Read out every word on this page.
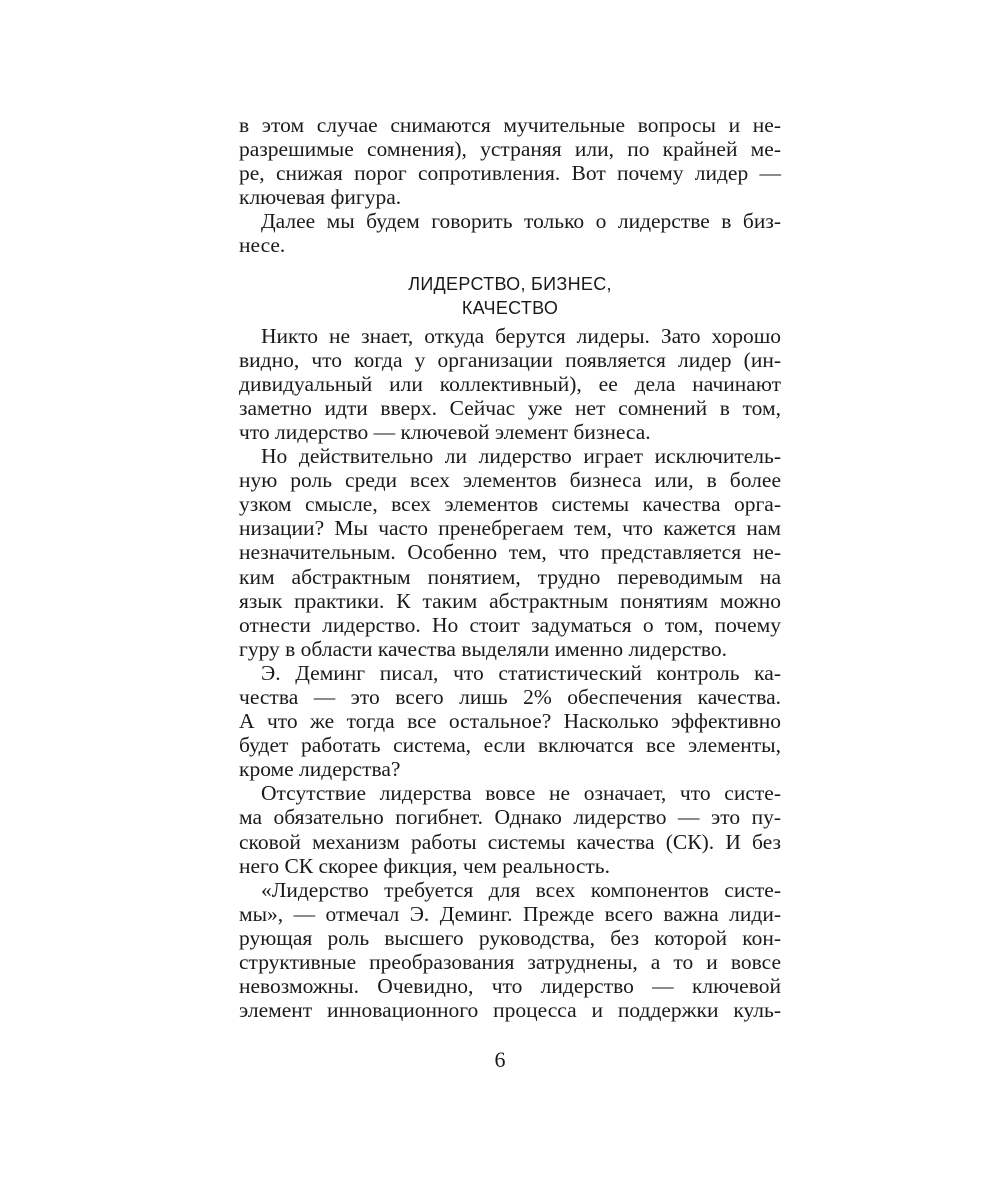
в этом случае снимаются мучительные вопросы и не-
разрешимые сомнения), устраняя или, по крайней ме-
ре, снижая порог сопротивления. Вот почему лидер —
ключевая фигура.
Далее мы будем говорить только о лидерстве в биз-
несе.
ЛИДЕРСТВО, БИЗНЕС,
КАЧЕСТВО
Никто не знает, откуда берутся лидеры. Зато хорошо
видно, что когда у организации появляется лидер (ин-
дивидуальный или коллективный), ее дела начинают
заметно идти вверх. Сейчас уже нет сомнений в том,
что лидерство — ключевой элемент бизнеса.
Но действительно ли лидерство играет исключитель-
ную роль среди всех элементов бизнеса или, в более
узком смысле, всех элементов системы качества орга-
низации? Мы часто пренебрегаем тем, что кажется нам
незначительным. Особенно тем, что представляется не-
ким абстрактным понятием, трудно переводимым на
язык практики. К таким абстрактным понятиям можно
отнести лидерство. Но стоит задуматься о том, почему
гуру в области качества выделяли именно лидерство.
Э. Деминг писал, что статистический контроль ка-
чества — это всего лишь 2% обеспечения качества.
А что же тогда все остальное? Насколько эффективно
будет работать система, если включатся все элементы,
кроме лидерства?
Отсутствие лидерства вовсе не означает, что систе-
ма обязательно погибнет. Однако лидерство — это пу-
сковой механизм работы системы качества (СК). И без
него СК скорее фикция, чем реальность.
«Лидерство требуется для всех компонентов систе-
мы», — отмечал Э. Деминг. Прежде всего важна лиди-
рующая роль высшего руководства, без которой кон-
структивные преобразования затруднены, а то и вовсе
невозможны. Очевидно, что лидерство — ключевой
элемент инновационного процесса и поддержки куль-
6
